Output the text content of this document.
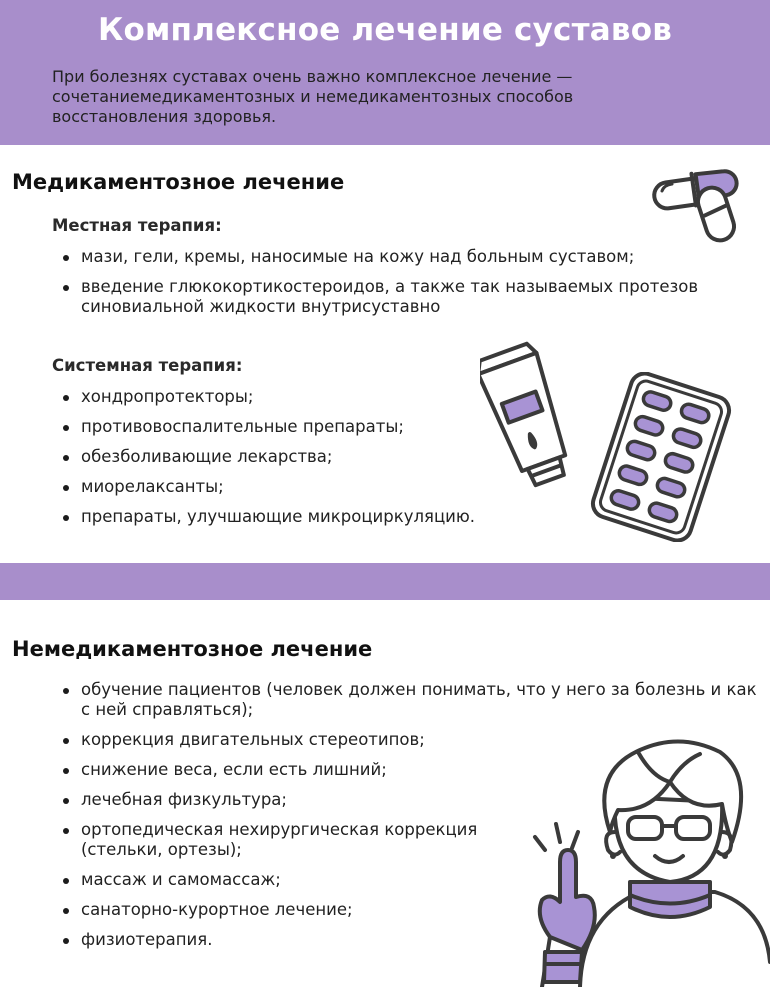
Комплексное лечение суставов

При болезнях суставах очень важно комплексное лечение — сочетаниемедикаментозных и немедикаментозных способов восстановления здоровья.

Медикаментозное лечение
Местная терапия:
мази, гели, кремы, наносимые на кожу над больным суставом;
введение глюкокортикостероидов, а также так называемых протезов синовиальной жидкости внутрисуставно
Системная терапия:
хондропротекторы;
противовоспалительные препараты;
обезболивающие лекарства;
миорелаксанты;
препараты, улучшающие микроциркуляцию.
Немедикаментозное лечение
обучение пациентов (человек должен понимать, что у него за болезнь и как с ней справляться);
коррекция двигательных стереотипов;
снижение веса, если есть лишний;
лечебная физкультура;
ортопедическая нехирургическая коррекция (стельки, ортезы);
массаж и самомассаж;
санаторно-курортное лечение;
физиотерапия.
